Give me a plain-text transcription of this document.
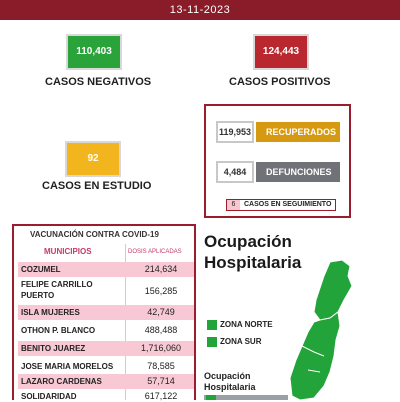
13-11-2023
110,403
CASOS NEGATIVOS
124,443
CASOS POSITIVOS
92
CASOS EN ESTUDIO
119,953	RECUPERADOS
4,484	DEFUNCIONES
6	CASOS EN SEGUIMIENTO
VACUNACIÓN CONTRA COVID-19
MUNICIPIOS	DOSIS APLICADAS
COZUMEL	214,634
FELIPE CARRILLO PUERTO	156,285
ISLA MUJERES	42,749
OTHON P. BLANCO	488,488
BENITO JUAREZ	1,716,060
JOSE MARIA MORELOS	78,585
LAZARO CARDENAS	57,714
SOLIDARIDAD	617,122
Ocupación
Hospitalaria
ZONA NORTE
ZONA SUR
Ocupación
Hospitalaria
